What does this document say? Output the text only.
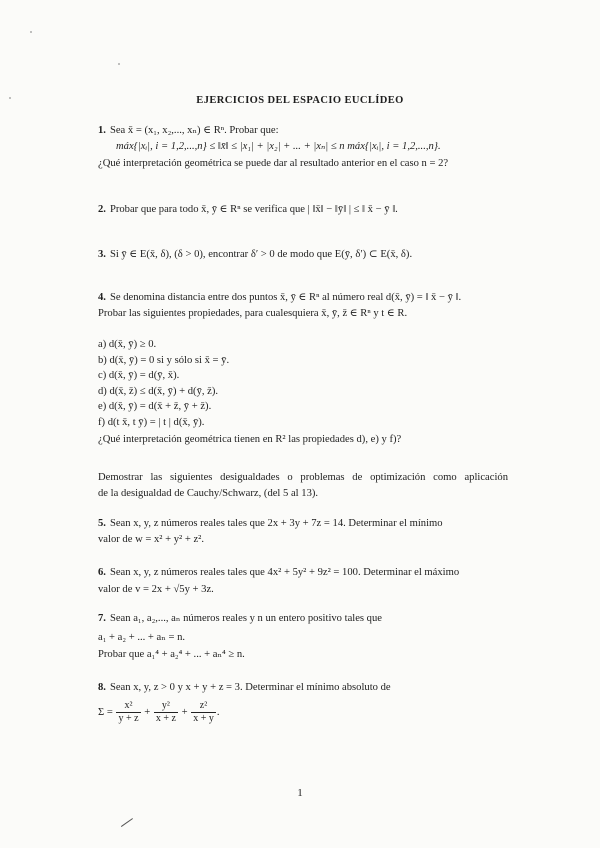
EJERCICIOS DEL ESPACIO EUCLÍDEO
1. Sea x̄ = (x₁, x₂,..., xₙ) ∈ Rⁿ. Probar que:
máx{|xᵢ|, i = 1,2,...,n} ≤ ‖x̄‖ ≤ |x₁| + |x₂| + ... + |xₙ| ≤ n máx{|xᵢ|, i = 1,2,...,n}.
¿Qué interpretación geométrica se puede dar al resultado anterior en el caso n = 2?
2. Probar que para todo x̄, ȳ ∈ Rⁿ se verifica que | ‖x̄‖ − ‖ȳ‖ | ≤ ‖ x̄ − ȳ ‖.
3. Si ȳ ∈ E(x̄, δ), (δ > 0), encontrar δ′ > 0 de modo que E(ȳ, δ′) ⊂ E(x̄, δ).
4. Se denomina distancia entre dos puntos x̄, ȳ ∈ Rⁿ al número real d(x̄, ȳ) = ‖ x̄ − ȳ ‖.
Probar las siguientes propiedades, para cualesquiera x̄, ȳ, z̄ ∈ Rⁿ y t ∈ R.
a) d(x̄, ȳ) ≥ 0.
b) d(x̄, ȳ) = 0 si y sólo si x̄ = ȳ.
c) d(x̄, ȳ) = d(ȳ, x̄).
d) d(x̄, z̄) ≤ d(x̄, ȳ) + d(ȳ, z̄).
e) d(x̄, ȳ) = d(x̄ + z̄, ȳ + z̄).
f) d(t x̄, t ȳ) = | t | d(x̄, ȳ).
¿Qué interpretación geométrica tienen en R² las propiedades d), e) y f)?
Demostrar las siguientes desigualdades o problemas de optimización como aplicación
de la desigualdad de Cauchy/Schwarz, (del 5 al 13).
5. Sean x, y, z números reales tales que 2x + 3y + 7z = 14. Determinar el mínimo
valor de w = x² + y² + z².
6. Sean x, y, z números reales tales que 4x² + 5y² + 9z² = 100. Determinar el máximo
valor de v = 2x + √5y + 3z.
7. Sean a₁, a₂,..., aₙ números reales y n un entero positivo tales que
a₁ + a₂ + ... + aₙ = n.
Probar que a₁⁴ + a₂⁴ + ... + aₙ⁴ ≥ n.
8. Sean x, y, z > 0 y x + y + z = 3. Determinar el mínimo absoluto de
$\Sigma = \frac{\text{x²}}{y + z} + \frac{\text{y²}}{x + z} + \frac{\text{z²}}{x + y}$ .
1
